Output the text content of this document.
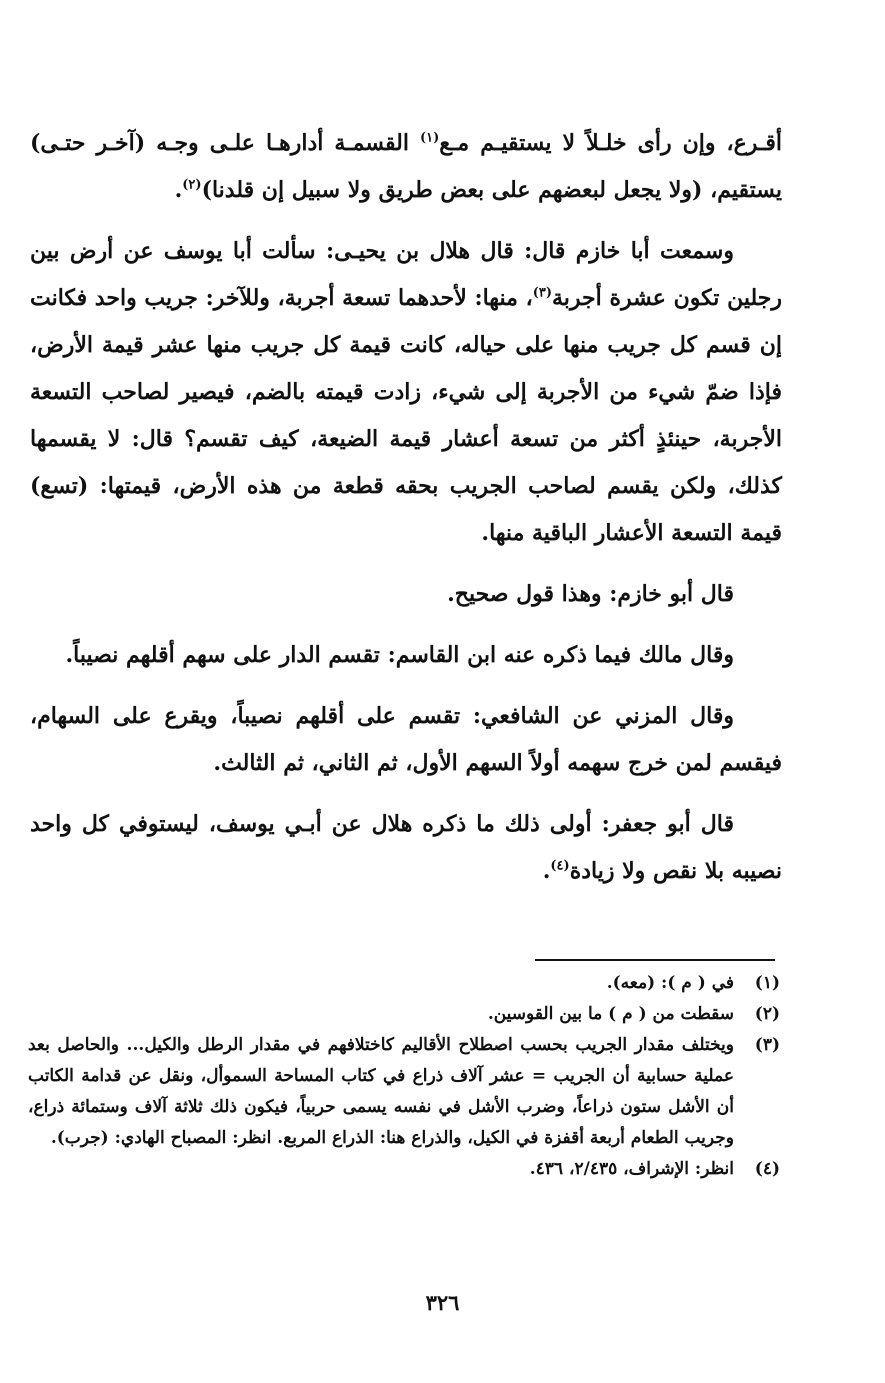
أقـرع، وإن رأى خلـلاً لا يستقيـم مـع$^{(١)}$ القسمـة أدارهـا علـى وجـه (آخـر حتـى) يستقيم، (ولا يجعل لبعضهم على بعض طريق ولا سبيل إن قلدنا)$^{(٢)}$.

وسمعت أبا خازم قال: قال هلال بن يحيـى: سألت أبا يوسف عن أرض بين رجلين تكون عشرة أجربة$^{(٣)}$، منها: لأحدهما تسعة أجربة، وللآخر: جريب واحد فكانت إن قسم كل جريب منها على حياله، كانت قيمة كل جريب منها عشر قيمة الأرض، فإذا ضمّ شيء من الأجربة إلى شيء، زادت قيمته بالضم، فيصير لصاحب التسعة الأجربة، حينئذٍ أكثر من تسعة أعشار قيمة الضيعة، كيف تقسم؟ قال: لا يقسمها كذلك، ولكن يقسم لصاحب الجريب بحقه قطعة من هذه الأرض، قيمتها: (تسع) قيمة التسعة الأعشار الباقية منها.

قال أبو خازم: وهذا قول صحيح.

وقال مالك فيما ذكره عنه ابن القاسم: تقسم الدار على سهم أقلهم نصيباً.

وقال المزني عن الشافعي: تقسم على أقلهم نصيباً، ويقرع على السهام، فيقسم لمن خرج سهمه أولاً السهم الأول، ثم الثاني، ثم الثالث.

قال أبو جعفر: أولى ذلك ما ذكره هلال عن أبـي يوسف، ليستوفي كل واحد نصيبه بلا نقص ولا زيادة$^{(٤)}$.

(١)
في ( م ): (معه).
(٢)
سقطت من ( م ) ما بين القوسين.
(٣)
ويختلف مقدار الجريب بحسب اصطلاح الأقاليم كاختلافهم في مقدار الرطل والكيل... والحاصل بعد عملية حسابية أن الجريب = عشر آلاف ذراع في كتاب المساحة السموأل، ونقل عن قدامة الكاتب أن الأشل ستون ذراعاً، وضرب الأشل في نفسه يسمى حربياً، فيكون ذلك ثلاثة آلاف وستمائة ذراع، وجريب الطعام أربعة أقفزة في الكيل، والذراع هنا: الذراع المربع. انظر: المصباح الهادي: (جرب).
(٤)
انظر: الإشراف، ٢/٤٣٥، ٤٣٦.
٣٢٦
